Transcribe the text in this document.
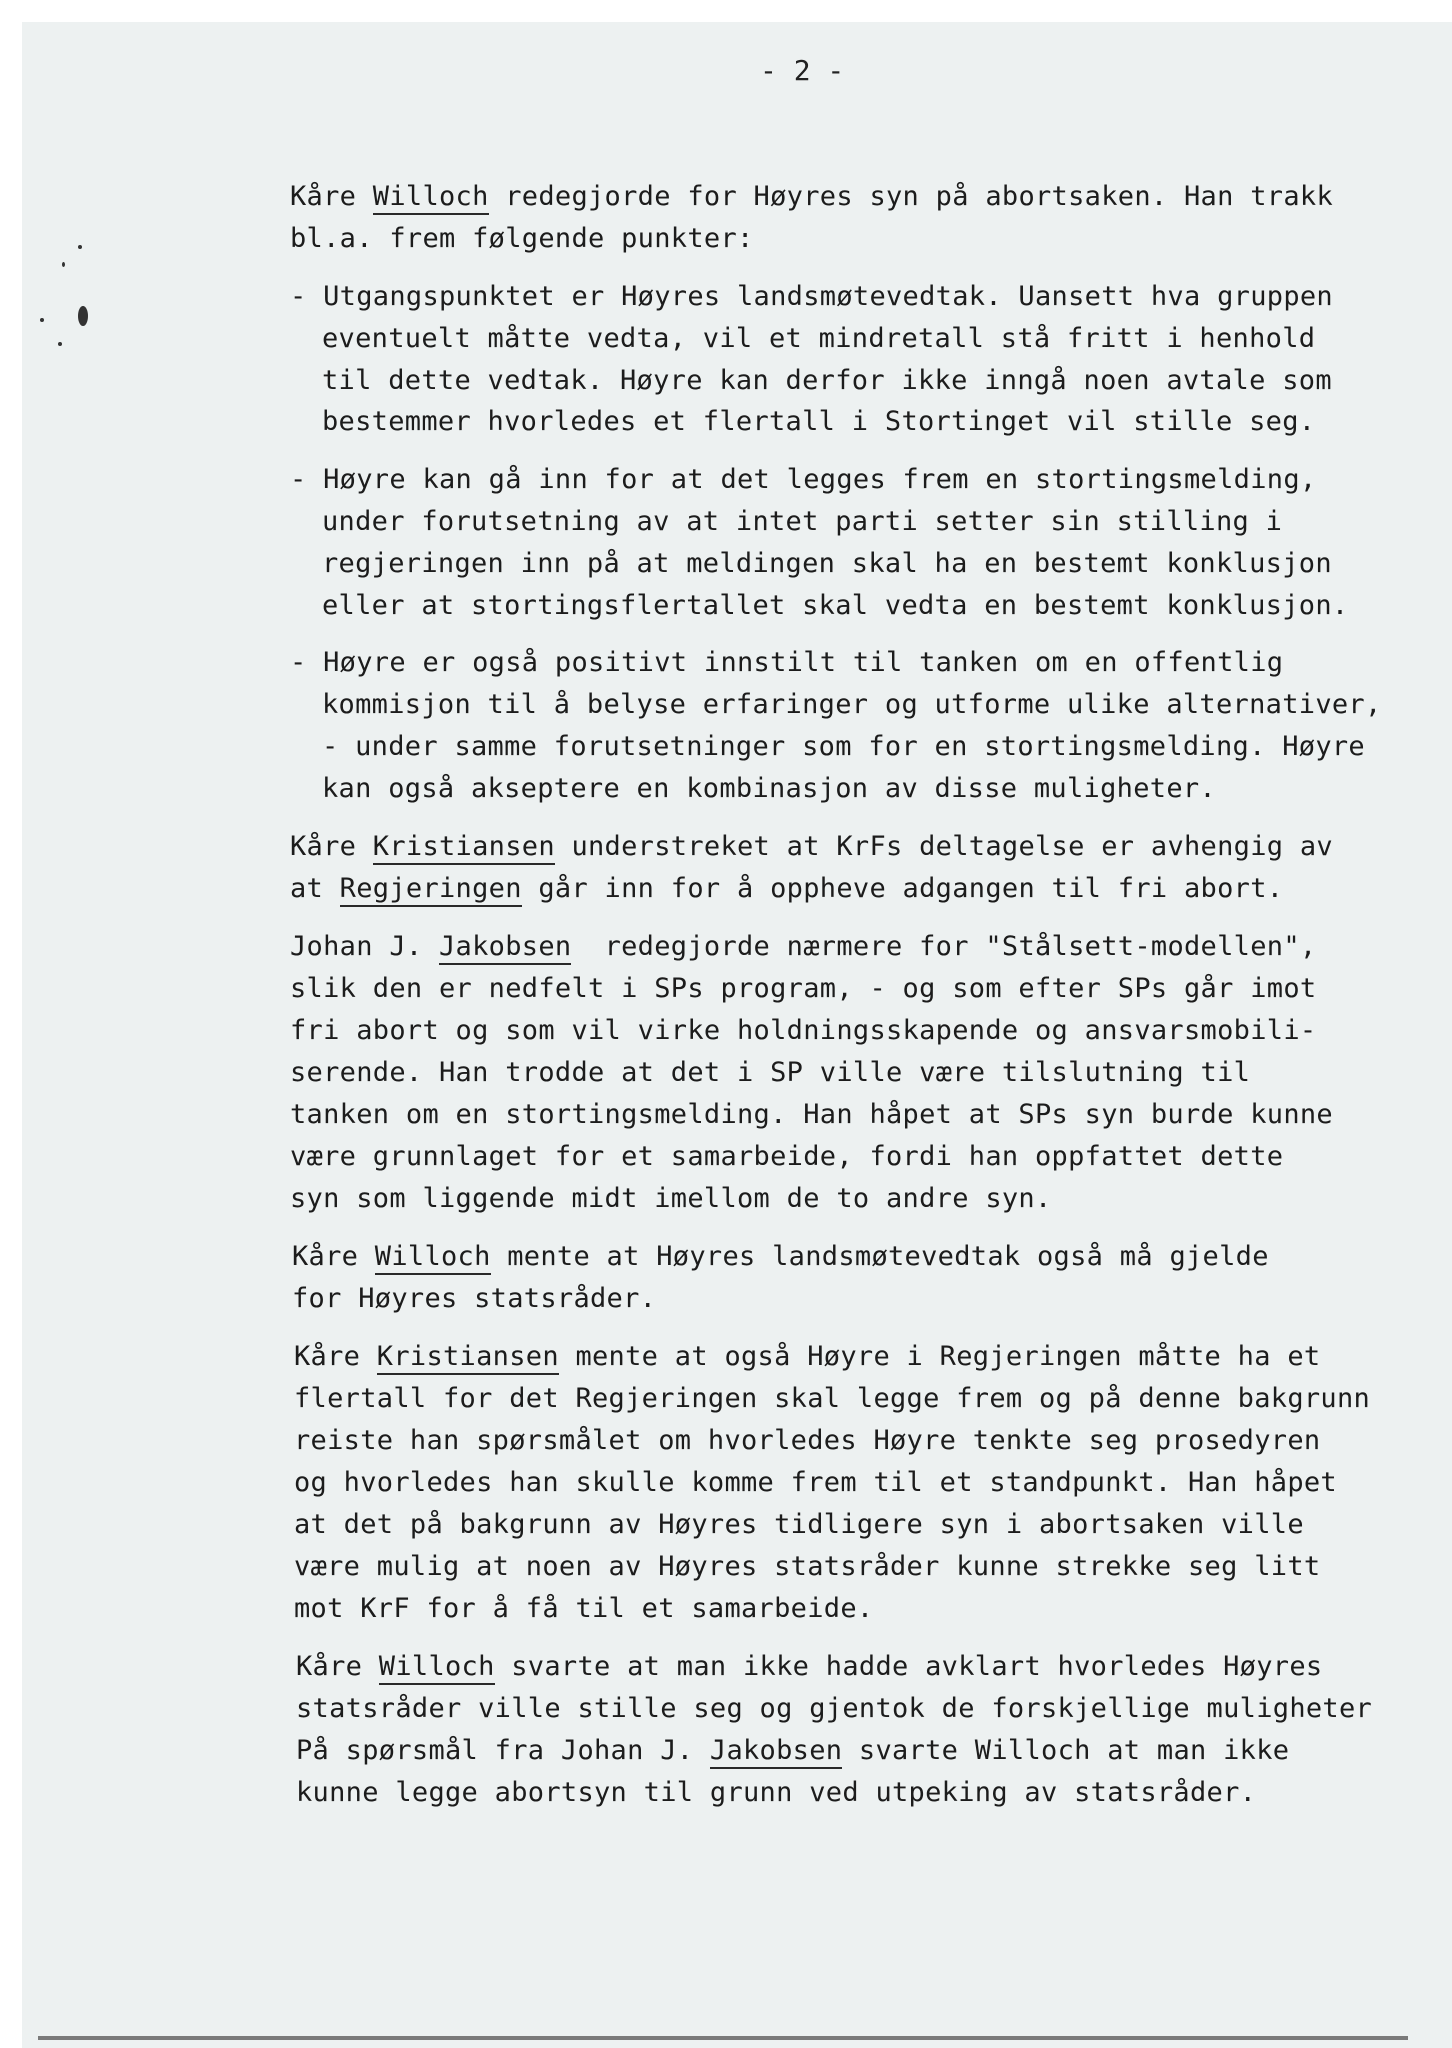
- 2 -
Kåre Willoch redegjorde for Høyres syn på abortsaken. Han trakk
bl.a. frem følgende punkter:
- Utgangspunktet er Høyres landsmøtevedtak. Uansett hva gruppen
eventuelt måtte vedta, vil et mindretall stå fritt i henhold
til dette vedtak. Høyre kan derfor ikke inngå noen avtale som
bestemmer hvorledes et flertall i Stortinget vil stille seg.
- Høyre kan gå inn for at det legges frem en stortingsmelding,
under forutsetning av at intet parti setter sin stilling i
regjeringen inn på at meldingen skal ha en bestemt konklusjon
eller at stortingsflertallet skal vedta en bestemt konklusjon.
- Høyre er også positivt innstilt til tanken om en offentlig
kommisjon til å belyse erfaringer og utforme ulike alternativer,
- under samme forutsetninger som for en stortingsmelding. Høyre
kan også akseptere en kombinasjon av disse muligheter.
Kåre Kristiansen understreket at KrFs deltagelse er avhengig av
at Regjeringen går inn for å oppheve adgangen til fri abort.
Johan J. Jakobsen  redegjorde nærmere for "Stålsett-modellen",
slik den er nedfelt i SPs program, - og som efter SPs går imot
fri abort og som vil virke holdningsskapende og ansvarsmobili-
serende. Han trodde at det i SP ville være tilslutning til
tanken om en stortingsmelding. Han håpet at SPs syn burde kunne
være grunnlaget for et samarbeide, fordi han oppfattet dette
syn som liggende midt imellom de to andre syn.
Kåre Willoch mente at Høyres landsmøtevedtak også må gjelde
for Høyres statsråder.
Kåre Kristiansen mente at også Høyre i Regjeringen måtte ha et
flertall for det Regjeringen skal legge frem og på denne bakgrunn
reiste han spørsmålet om hvorledes Høyre tenkte seg prosedyren
og hvorledes han skulle komme frem til et standpunkt. Han håpet
at det på bakgrunn av Høyres tidligere syn i abortsaken ville
være mulig at noen av Høyres statsråder kunne strekke seg litt
mot KrF for å få til et samarbeide.
Kåre Willoch svarte at man ikke hadde avklart hvorledes Høyres
statsråder ville stille seg og gjentok de forskjellige muligheter
På spørsmål fra Johan J. Jakobsen svarte Willoch at man ikke
kunne legge abortsyn til grunn ved utpeking av statsråder.
